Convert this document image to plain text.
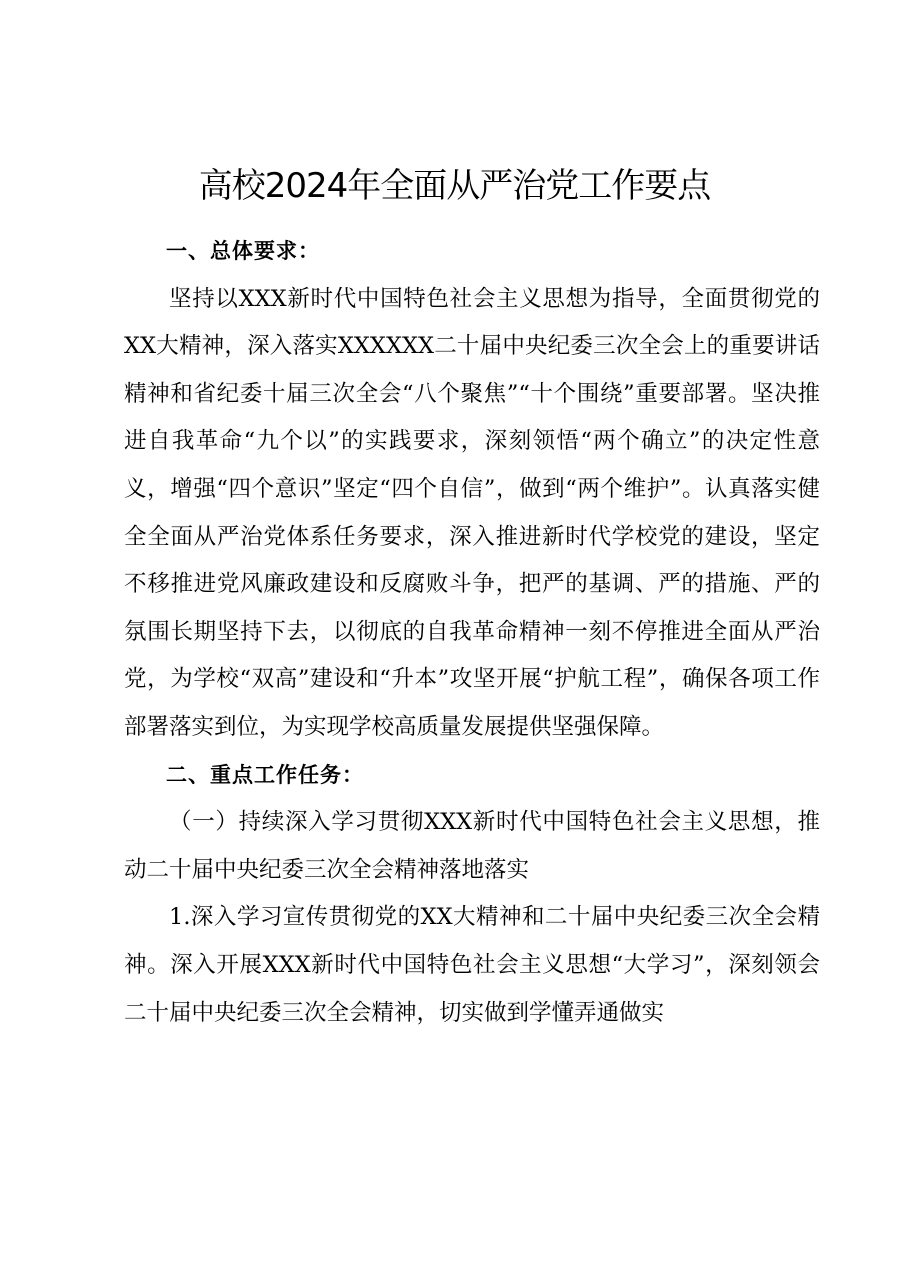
高校2024年全面从严治党工作要点

一、总体要求：

坚持以XXX新时代中国特色社会主义思想为指导，全面贯彻党的XX大精神，深入落实XXXXXX二十届中央纪委三次全会上的重要讲话精神和省纪委十届三次全会“八个聚焦”“十个围绕”重要部署。坚决推进自我革命“九个以”的实践要求，深刻领悟“两个确立”的决定性意义，增强“四个意识”坚定“四个自信”，做到“两个维护”。认真落实健全全面从严治党体系任务要求，深入推进新时代学校党的建设，坚定不移推进党风廉政建设和反腐败斗争，把严的基调、严的措施、严的氛围长期坚持下去，以彻底的自我革命精神一刻不停推进全面从严治党，为学校“双高”建设和“升本”攻坚开展“护航工程”，确保各项工作部署落实到位，为实现学校高质量发展提供坚强保障。

二、重点工作任务：

（一）持续深入学习贯彻XXX新时代中国特色社会主义思想，推动二十届中央纪委三次全会精神落地落实

1.深入学习宣传贯彻党的XX大精神和二十届中央纪委三次全会精神。深入开展XXX新时代中国特色社会主义思想“大学习”，深刻领会二十届中央纪委三次全会精神，切实做到学懂弄通做实
